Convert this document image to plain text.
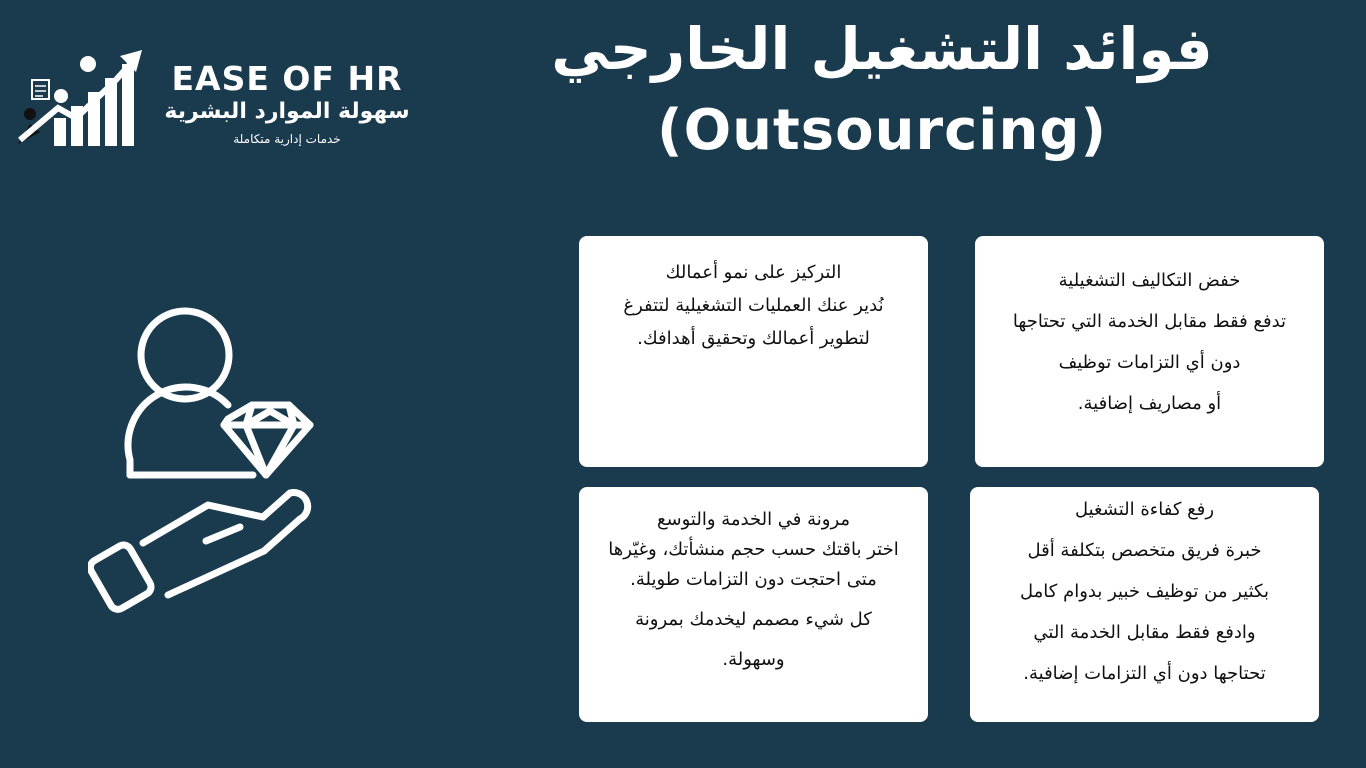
EASE OF HR
سهولة الموارد البشرية
خدمات إدارية متكاملة
فوائد التشغيل الخارجي
(Outsourcing)
خفض التكاليف التشغيلية
تدفع فقط مقابل الخدمة التي تحتاجها
دون أي التزامات توظيف
أو مصاريف إضافية.
التركيز على نمو أعمالك
نُدير عنك العمليات التشغيلية لتتفرغ
لتطوير أعمالك وتحقيق أهدافك.
رفع كفاءة التشغيل
خبرة فريق متخصص بتكلفة أقل
بكثير من توظيف خبير بدوام كامل
وادفع فقط مقابل الخدمة التي
تحتاجها دون أي التزامات إضافية.
مرونة في الخدمة والتوسع
اختر باقتك حسب حجم منشأتك، وغيّرها
متى احتجت دون التزامات طويلة.
كل شيء مصمم ليخدمك بمرونة
وسهولة.
